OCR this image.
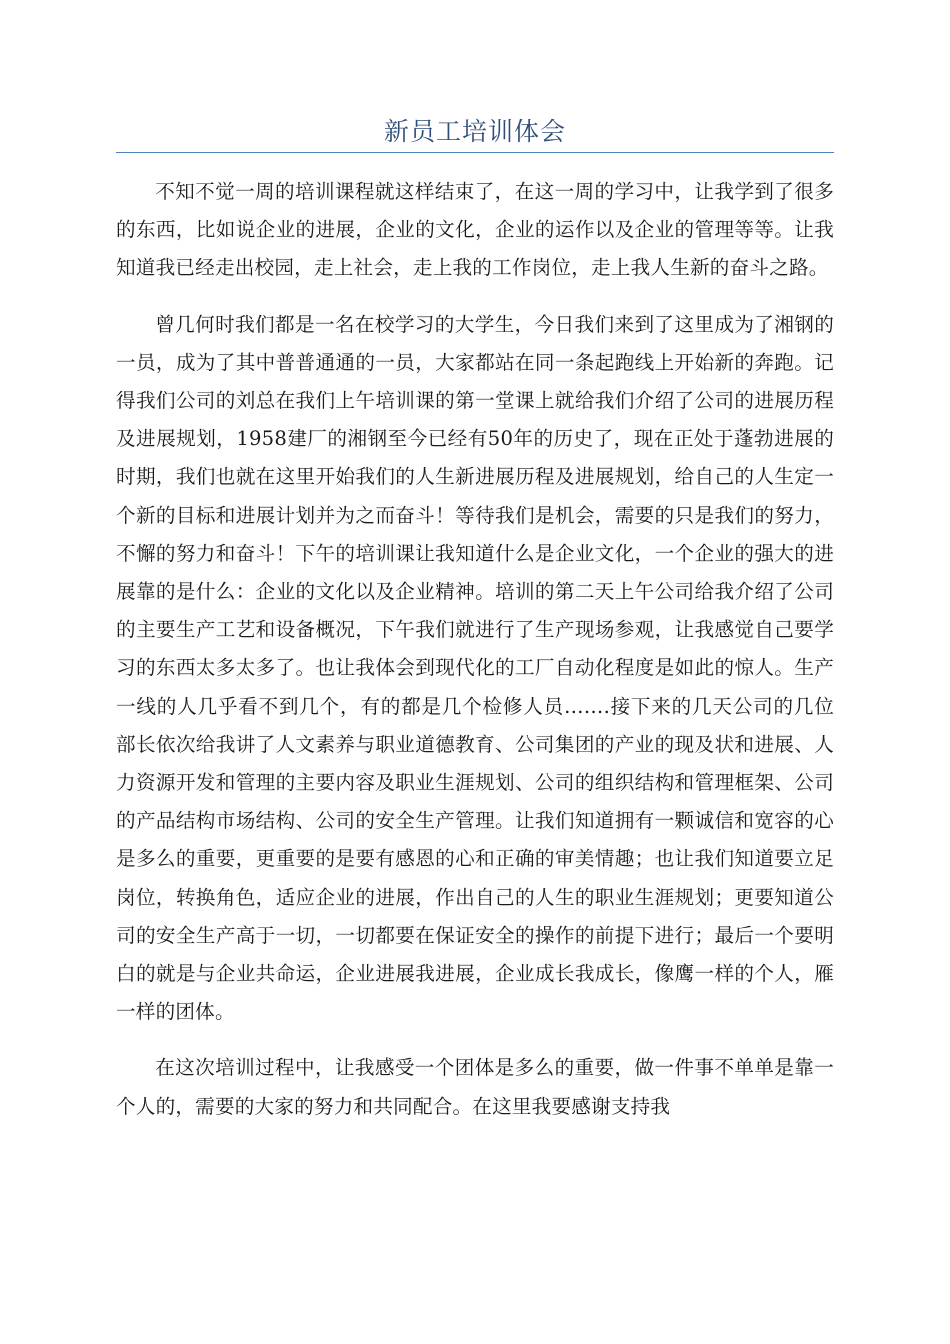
新员工培训体会

不知不觉一周的培训课程就这样结束了，在这一周的学习中，让我学到了很多的东西，比如说企业的进展，企业的文化，企业的运作以及企业的管理等等。让我知道我已经走出校园，走上社会，走上我的工作岗位，走上我人生新的奋斗之路。

曾几何时我们都是一名在校学习的大学生，今日我们来到了这里成为了湘钢的一员，成为了其中普普通通的一员，大家都站在同一条起跑线上开始新的奔跑。记得我们公司的刘总在我们上午培训课的第一堂课上就给我们介绍了公司的进展历程及进展规划，1958建厂的湘钢至今已经有50年的历史了，现在正处于蓬勃进展的时期，我们也就在这里开始我们的人生新进展历程及进展规划，给自己的人生定一个新的目标和进展计划并为之而奋斗！等待我们是机会，需要的只是我们的努力，不懈的努力和奋斗！下午的培训课让我知道什么是企业文化，一个企业的强大的进展靠的是什么：企业的文化以及企业精神。培训的第二天上午公司给我介绍了公司的主要生产工艺和设备概况，下午我们就进行了生产现场参观，让我感觉自己要学习的东西太多太多了。也让我体会到现代化的工厂自动化程度是如此的惊人。生产一线的人几乎看不到几个，有的都是几个检修人员…….接下来的几天公司的几位部长依次给我讲了人文素养与职业道德教育、公司集团的产业的现及状和进展、人力资源开发和管理的主要内容及职业生涯规划、公司的组织结构和管理框架、公司的产品结构市场结构、公司的安全生产管理。让我们知道拥有一颗诚信和宽容的心是多么的重要，更重要的是要有感恩的心和正确的审美情趣；也让我们知道要立足岗位，转换角色，适应企业的进展，作出自己的人生的职业生涯规划；更要知道公司的安全生产高于一切，一切都要在保证安全的操作的前提下进行；最后一个要明白的就是与企业共命运，企业进展我进展，企业成长我成长，像鹰一样的个人，雁一样的团体。

在这次培训过程中，让我感受一个团体是多么的重要，做一件事不单单是靠一个人的，需要的大家的努力和共同配合。在这里我要感谢支持我
